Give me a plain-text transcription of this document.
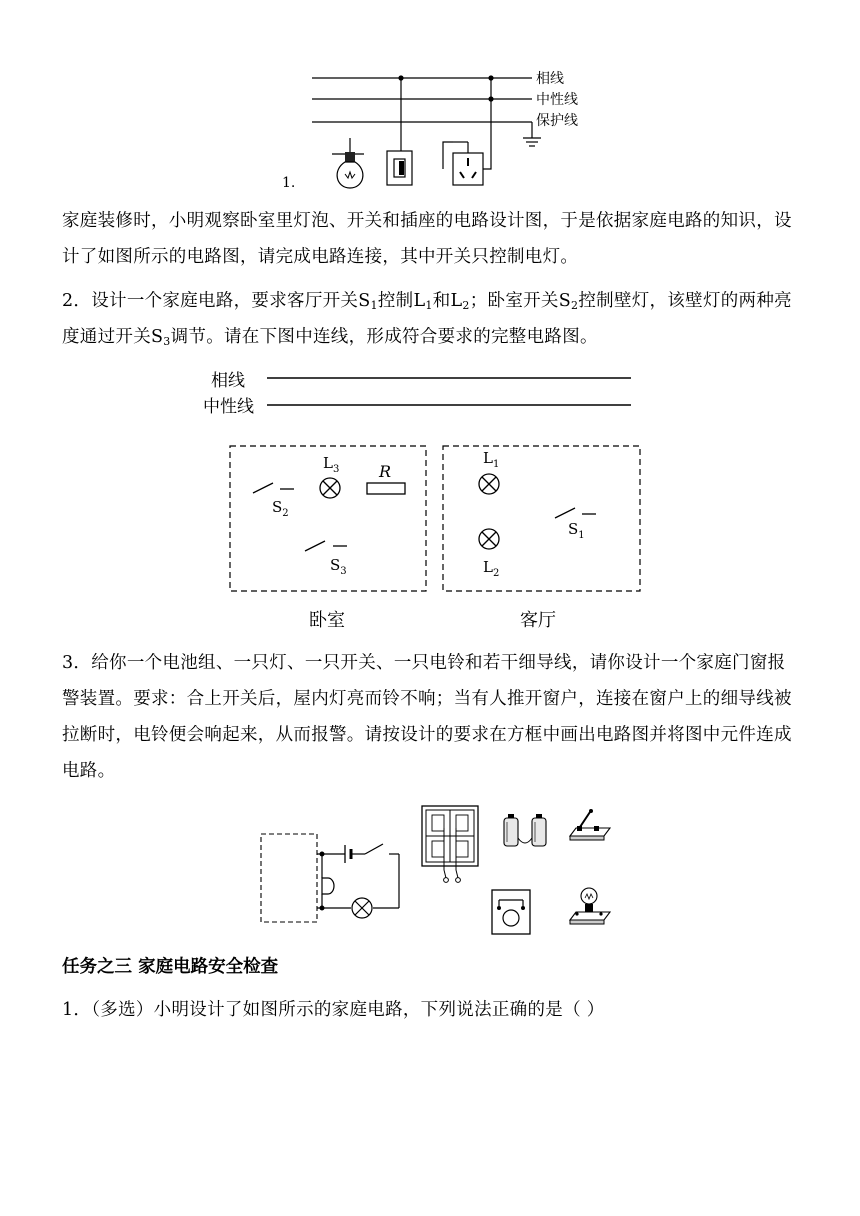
相线
中性线
保护线
1.

家庭装修时，小明观察卧室里灯泡、开关和插座的电路设计图，于是依据家庭电路的知识，设计了如图所示的电路图，请完成电路连接，其中开关只控制电灯。

2．设计一个家庭电路，要求客厅开关$S_1$控制$L_1$和$L_2$；卧室开关$S_2$控制壁灯，该壁灯的两种亮度通过开关$S_3$调节。请在下图中连线，形成符合要求的完整电路图。

相线
中性线
$S_2$
$L_3$ R
$S_3$
卧室
$L_1$
$L_2$
$S_1$
客厅

3．给你一个电池组、一只灯、一只开关、一只电铃和若干细导线，请你设计一个家庭门窗报警装置。要求：合上开关后，屋内灯亮而铃不响；当有人推开窗户，连接在窗户上的细导线被拉断时，电铃便会响起来，从而报警。请按设计的要求在方框中画出电路图并将图中元件连成电路。

任务之三 家庭电路安全检查

1．（多选）小明设计了如图所示的家庭电路，下列说法正确的是（ ）
